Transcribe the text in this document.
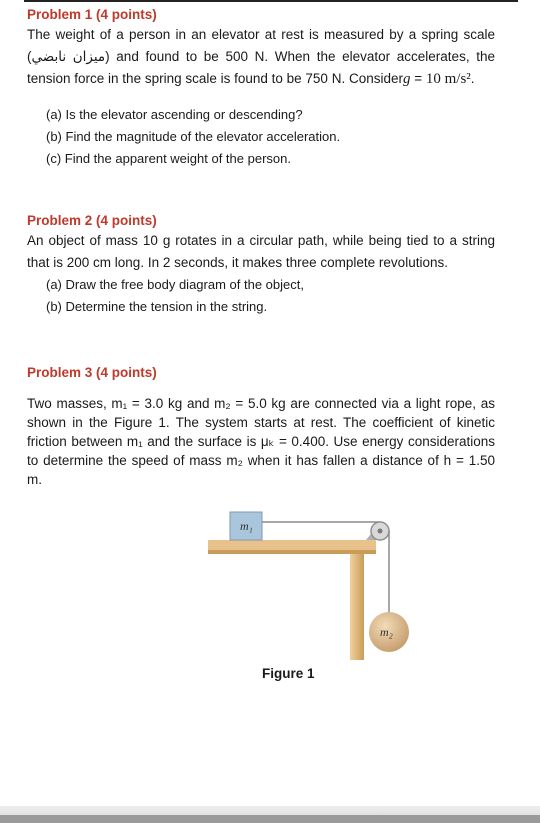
Problem 1 (4 points)
The weight of a person in an elevator at rest is measured by a spring scale (ميزان نابضي) and found to be 500 N. When the elevator accelerates, the tension force in the spring scale is found to be 750 N. Considerg = 10 m/s².
(a) Is the elevator ascending or descending?
(b) Find the magnitude of the elevator acceleration.
(c) Find the apparent weight of the person.
Problem 2 (4 points)
An object of mass 10 g rotates in a circular path, while being tied to a string that is 200 cm long. In 2 seconds, it makes three complete revolutions.
(a) Draw the free body diagram of the object,
(b) Determine the tension in the string.
Problem 3 (4 points)
Two masses, m₁ = 3.0 kg and m₂ = 5.0 kg are connected via a light rope, as shown in the Figure 1. The system starts at rest. The coefficient of kinetic friction between m₁ and the surface is μₖ = 0.400. Use energy considerations to determine the speed of mass m₂ when it has fallen a distance of h = 1.50 m.
m₁
m₂
Figure 1
